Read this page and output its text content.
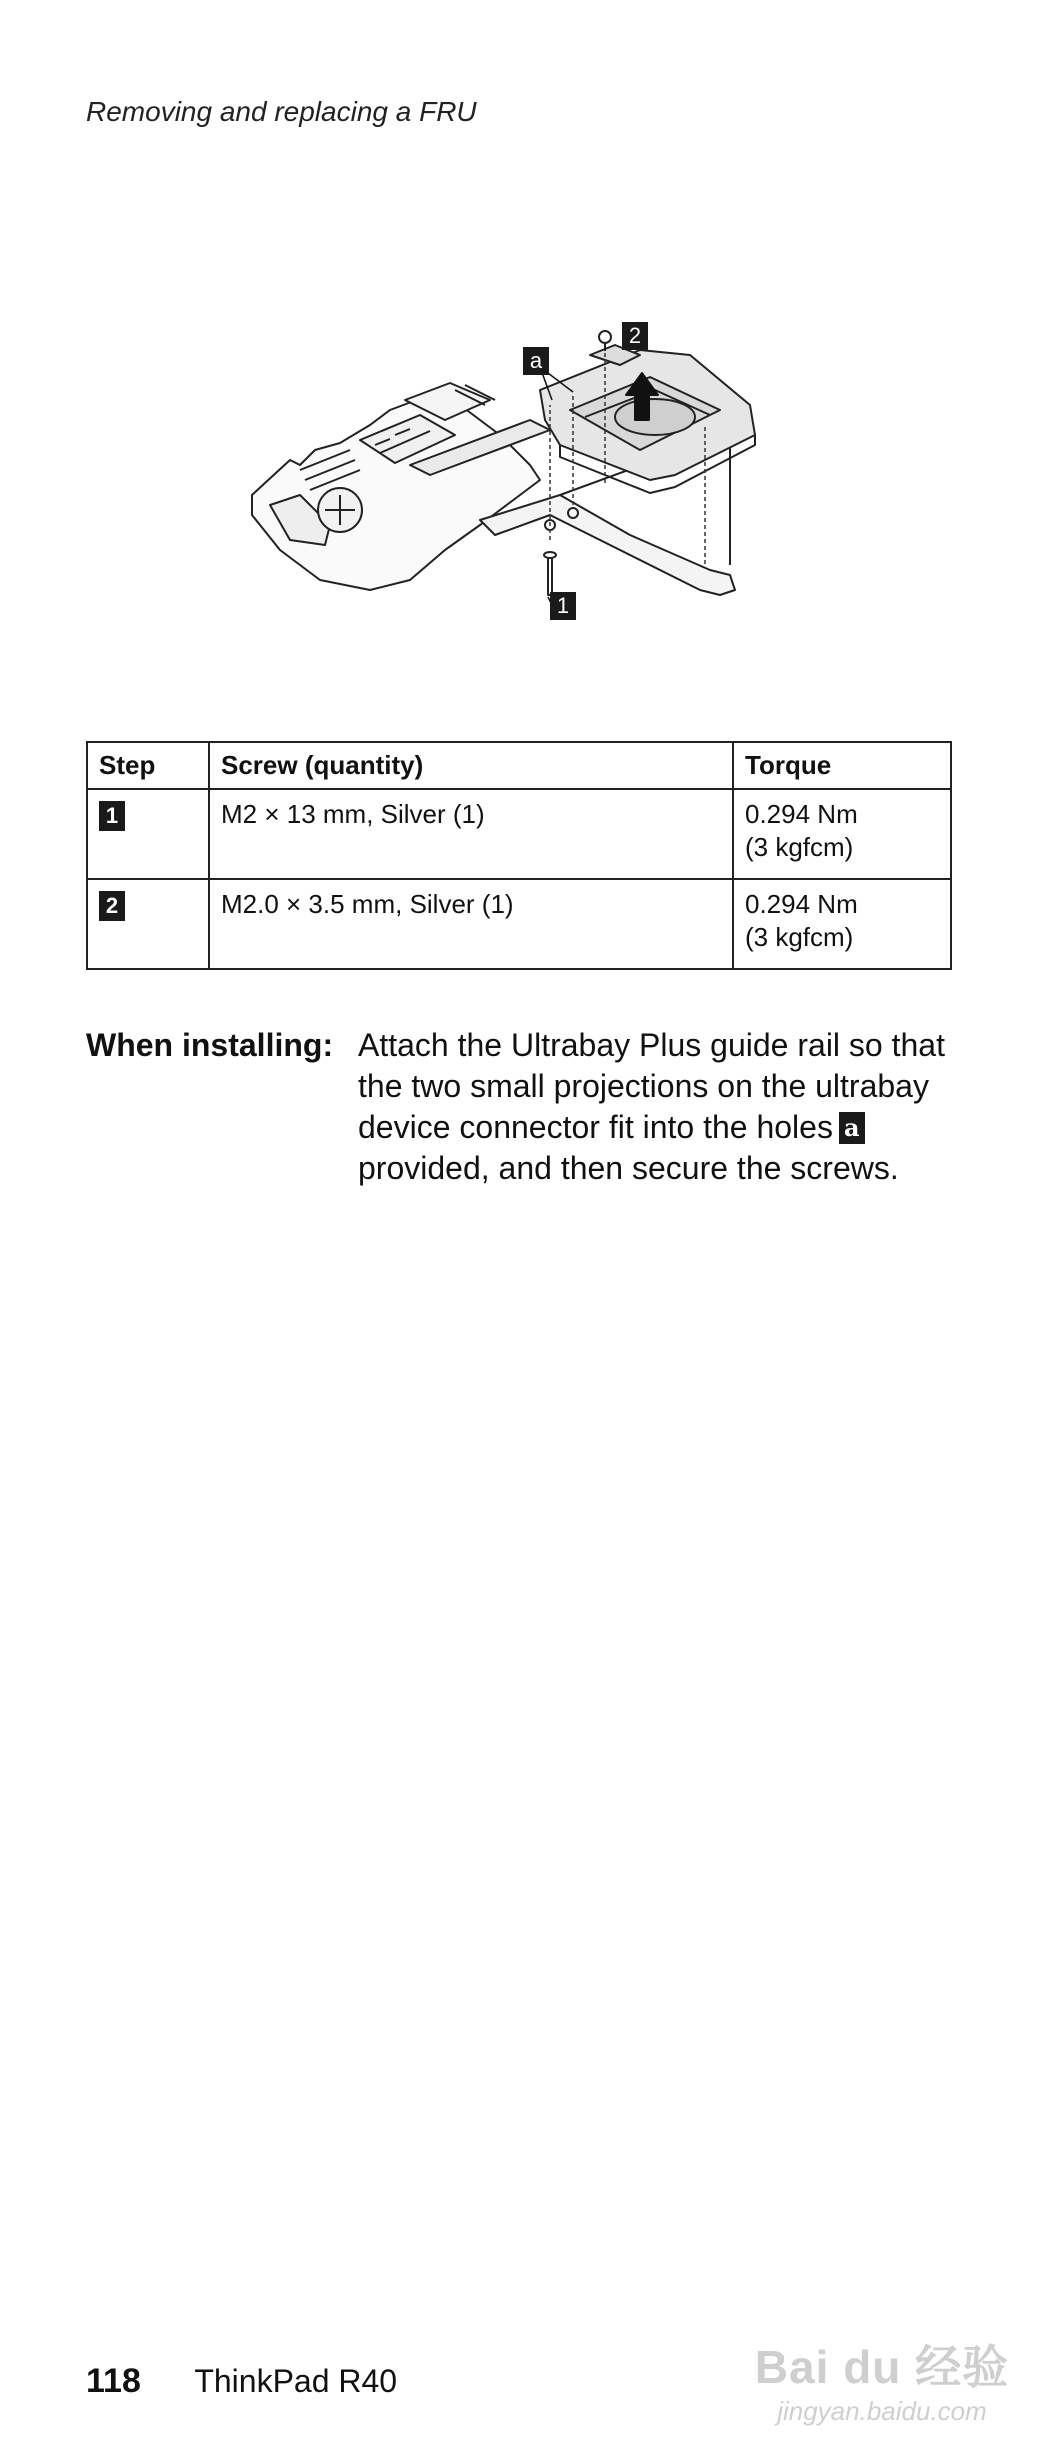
Removing and replacing a FRU
a
2
1
Step	Screw (quantity)	Torque
1	M2 × 13 mm, Silver (1)	0.294 Nm
(3 kgfcm)

2	M2.0 × 3.5 mm, Silver (1)	0.294 Nm
(3 kgfcm)
When installing: Attach the Ultrabay Plus guide rail so that the two small projections on the ultrabay device connector fit into the holes aprovided, and then secure the screws.
118 ThinkPad R40	Bai du 经验
jingyan.baidu.com
